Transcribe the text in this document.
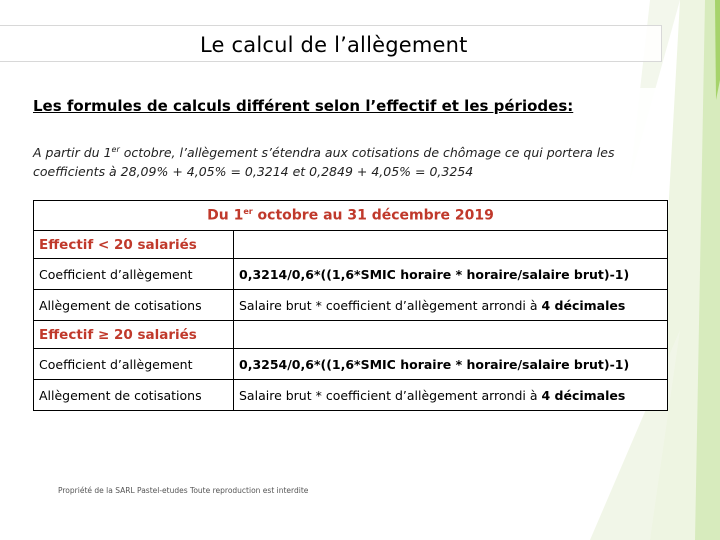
Le calcul de l’allègement
Les formules de calculs différent selon l’effectif et les périodes:
A partir du 1er octobre, l’allègement s’étendra aux cotisations de chômage ce qui portera les coefficients à 28,09% + 4,05% = 0,3214 et 0,2849 + 4,05% = 0,3254
Du 1er octobre au 31 décembre 2019	
Effectif < 20 salariés	
Coefficient d’allègement	0,3214/0,6*((1,6*SMIC horaire * horaire/salaire brut)-1)
Allègement de cotisations	Salaire brut * coefficient d’allègement arrondi à 4 décimales
Effectif ≥ 20 salariés	
Coefficient d’allègement	0,3254/0,6*((1,6*SMIC horaire * horaire/salaire brut)-1)
Allègement de cotisations	Salaire brut * coefficient d’allègement arrondi à 4 décimales
Propriété de la SARL Pastel-etudes Toute reproduction est interdite
